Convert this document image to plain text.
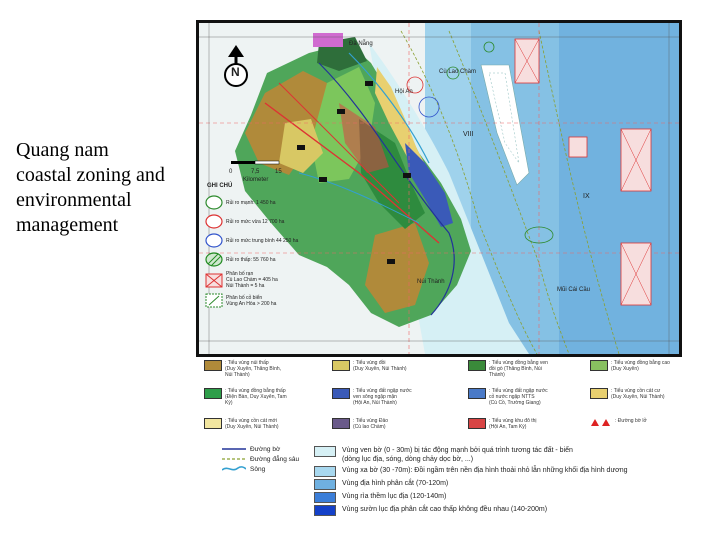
Quang nam
coastal zoning and
environmental
management
N
0	7,5	15
Kilometer
Cù Lao Chàm
Hội An
Đà Nẵng
Núi Thành
VIII
IX
Mũi Cái Cầu
GHI CHÚ
Rủi ro mạnh: 1 450 ha
Rủi ro mức vừa 12 700 ha
Rủi ro mức trung bình 44 250 ha
Rủi ro thấp: 55 760 ha
Phân bố rạn
Cù Lao Chàm = 405 ha
Núi Thành = 5 ha
Phân bố cỏ biển
Vùng An Hòa > 200 ha
: Tiểu vùng núi thấp
(Duy Xuyên, Thăng Bình, Núi Thành)
: Tiểu vùng đồi
(Duy Xuyên, Núi Thành)
: Tiểu vùng đồng bằng ven
đồi gò (Thăng Bình, Núi Thành)
: Tiểu vùng đồng bằng cao
(Duy Xuyên)
: Tiểu vùng đồng bằng thấp
(Điện Bàn, Duy Xuyên, Tam Kỳ)
: Tiểu vùng đất ngập nước
ven sông ngập mặn
(Hội An, Núi Thành)
: Tiểu vùng đất ngập nước
cỏ nước ngập NTTS
(Cù Cồ, Trường Giang)
: Tiểu vùng cồn cát cư
(Duy Xuyên, Núi Thành)
: Tiểu vùng cồn cát mới
(Duy Xuyên, Núi Thành)
: Tiểu vùng Đảo
(Cù lao Chàm)
: Tiểu vùng khu đô thị
(Hội An, Tam Kỳ)
: Đường bờ lở
Đường bờ
Đường đẳng sâu
Sông
Vùng ven bờ (0 - 30m) bị tác động mạnh bởi quá trình tương tác đất - biển
(dòng lục địa, sóng, dòng chảy dọc bờ, ...)
Vùng xa bờ (30 -70m): Đồi ngầm trên nền địa hình thoải nhỏ lẫn những khối địa hình dương
Vùng địa hình phân cắt (70-120m)
Vùng rìa thềm lục địa (120-140m)
Vùng sườn lục địa phân cắt cao thấp không đều nhau (140-200m)
